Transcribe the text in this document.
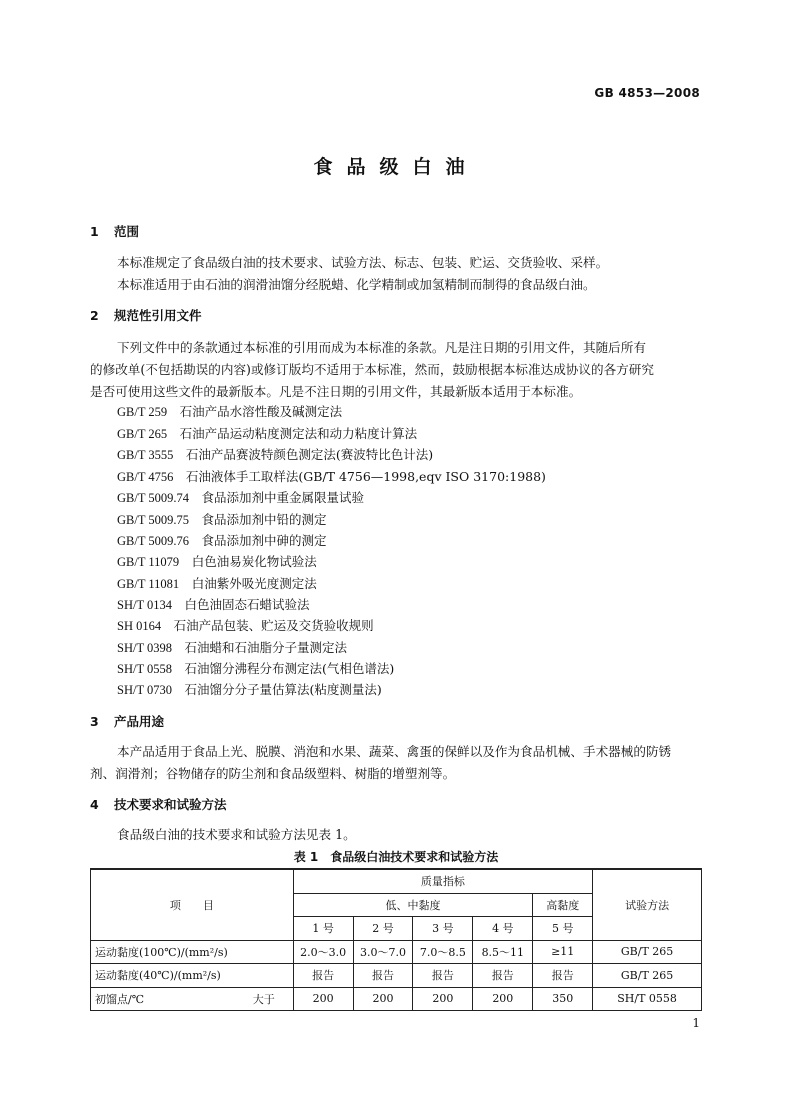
GB 4853—2008
食品级白油
1 范围
本标准规定了食品级白油的技术要求、试验方法、标志、包装、贮运、交货验收、采样。
本标准适用于由石油的润滑油馏分经脱蜡、化学精制或加氢精制而制得的食品级白油。
2 规范性引用文件
下列文件中的条款通过本标准的引用而成为本标准的条款。凡是注日期的引用文件，其随后所有
的修改单(不包括勘误的内容)或修订版均不适用于本标准，然而，鼓励根据本标准达成协议的各方研究
是否可使用这些文件的最新版本。凡是不注日期的引用文件，其最新版本适用于本标准。
GB/T 259　 石油产品水溶性酸及碱测定法
GB/T 265　 石油产品运动粘度测定法和动力粘度计算法
GB/T 3555　 石油产品赛波特颜色测定法(赛波特比色计法)
GB/T 4756　 石油液体手工取样法(GB/T 4756—1998,eqv ISO 3170:1988)
GB/T 5009.74　 食品添加剂中重金属限量试验
GB/T 5009.75　 食品添加剂中铅的测定
GB/T 5009.76　 食品添加剂中砷的测定
GB/T 11079　 白色油易炭化物试验法
GB/T 11081　 白油紫外吸光度测定法
SH/T 0134　 白色油固态石蜡试验法
SH 0164　 石油产品包装、贮运及交货验收规则
SH/T 0398　 石油蜡和石油脂分子量测定法
SH/T 0558　 石油馏分沸程分布测定法(气相色谱法)
SH/T 0730　 石油馏分分子量估算法(粘度测量法)
3 产品用途
本产品适用于食品上光、脱膜、消泡和水果、蔬菜、禽蛋的保鲜以及作为食品机械、手术器械的防锈
剂、润滑剂；谷物储存的防尘剂和食品级塑料、树脂的增塑剂等。
4 技术要求和试验方法
食品级白油的技术要求和试验方法见表 1。
表 1　食品级白油技术要求和试验方法
项　　目	质量指标					试验方法
	低、中黏度				高黏度	
	1 号	2 号	3 号	4 号	5 号	
运动黏度(100℃)/(mm²/s)	2.0～3.0	3.0～7.0	7.0～8.5	8.5～11	≥11	GB/T 265
运动黏度(40℃)/(mm²/s)	报告	报告	报告	报告	报告	GB/T 265
初馏点/℃ 大于	200	200	200	200	350	SH/T 0558
1
